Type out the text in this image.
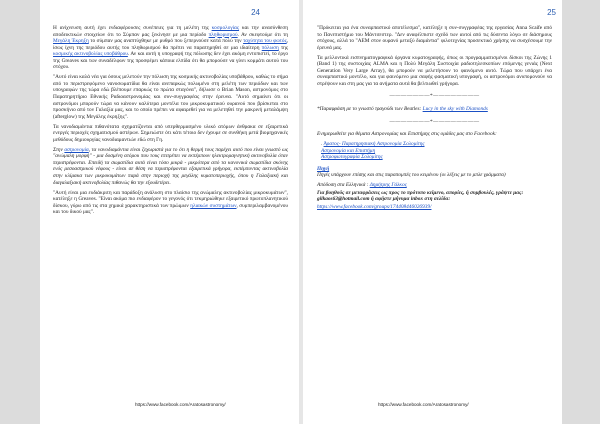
24

Η ανίχνευση αυτή έχει ενδιαφέρουσες συνέπειες για τη μελέτη της κοσμολογίας και την ανασύνθεση αποδεικτικών στοιχείων ότι το Σύμπαν μας ξεκίνησε με μια περίοδο πληθωρισμού. Αν σκεφτούμε ότι τη Μεγάλη Έκρηξη το σύμπαν μας αναπτύχθηκε με ρυθμό που ξεπερνούσε κατά πολύ την ταχύτητα του φωτός, ίσως ίχνη της περιόδου αυτής του πληθωρισμού θα πρέπει να παρατηρηθεί σε μια ιδιαίτερη πόλωση της κοσμικής ακτινοβολίας υποβάθρου. Αν και αυτή η υπογραφή της πόλωσης δεν έχει ακόμη εντοπιστεί, το έργο της Greaves και των συναδέλφων της προσφέρει κάποια ελπίδα ότι θα μπορούσε να γίνει κομμάτι αυτού του στόχου.

"Αυτό είναι καλά νέα για όσους μελετούν την πόλωση της κοσμικής ακτινοβολίας υποβάθρου, καθώς το σήμα από το περιστρεφόμενο νανοσωματίδια θα είναι ανεπαρκώς πολωμένο στη μελέτη των περιόδων και των υπογραφών της τώρα εδώ βλέπουμε επαρκώς το πρώτα σταγόνα", δήλωσε ο Brian Mason, αστρονόμος στο Παρατηρητήριο Εθνικής Ραδιοαστρονομίας και συν-συγγραφέας στην έρευνα. "Αυτό σημαίνει ότι οι αστρονόμοι μπορούν τώρα να κάνουν καλύτερα μοντέλα του μικροκυματικού ουρανού που βρίσκεται στο προσκήνιο από τον Γαλαξία μας, και το οποίο πρέπει να αφαιρεθεί για να μελετηθεί την μακρινή μεταλάμψη (afterglow) της Μεγάλης έκρηξης".

Τα νανοδιαμάντια πιθανότατα σχηματίζονται από υπερθερμασμένο υλικό ατόμων άνθρακα σε εξαιρετικά ενεργές περιοχές σχηματισμού αστέρων. Σημειώστε ότι κάτι τέτοιο δεν έχουμε σε συνθήκη μετά βιομηχανικές μεθόδους δημιουργίας νανοδιαμαντιών εδώ στη Γη.

Στην αστρονομία, τα νανοδιαμάντια είναι ζεχωριστά για το ότι η θερμή τους παρέχει αυτό που είναι γνωστό ως "ανώμαλη μορφή" - μια δοσμένη ατόμου που τους επιτρέπει να εκπέμπουν ηλεκτρομαγνητική ακτινοβολία όταν περιστρέφονται. Επειδή τα σωματίδια αυτά είναι τόσο μικρά - μικρότερα από τα κανονικά σωματίδια σκόνης ενός μεσοαστρικού νέφους - είναι σε θέση να περιστρέφονται εξαιρετικά γρήγορα, εκπέμποντας ακτινοβολία στην κλίμακα των μικροκυμάτων παρά στην περιοχή της μεγάλης κυματοπεριοχής, όπου η Γαλαξιακή και διαγαλαξιακή ακτινοβολίας πιθανώς θα την εξουδετέρει.

"Αυτή είναι μια ευδιάκριτη και παράδοξη ανάλυση στο πλαίσιο της ανώμαλης ακτινοβολίας μικροκυμάτων", κατέληξε η Greaves. "Είναι ακόμα πιο ενδιαφέρον το γεγονός ότι τεκμηριώθηκε εξαιρετικό πρωτοπλανητικού δίσκου, γύρω από τις στα χημικά χαρακτηριστικά των πρώιμων ηλιακών συστημάτων, συμπεριλαμβανομένου και του δικού μας".

https://www.facebook.com/Aratosastronomy/
25

"Πρόκειται για ένα συναρπαστικό αποτέλεσμα", κατέληξε η συν-συγγραφέας της εργασίας Anna Scaife από το Πανεπιστήμιο του Μάντσεστερ. "Δεν αναφέλπιστε σχεδό των αυτοί από τις δύσεντα λόγω σε διάσημους στόχους, αλλά το "AEM στον ουρανό μεταξύ διαμάντια" φιλοτεχνίας προσεκτικό χρήσης να συσχέσουμε την έρευνά μας.

Τα μελλοντικά εισπνηματογραφικά όργανα κυματογραφής, όπως οι προγραμματισμένοι δίσκοι της Ζώνης 1 (Band 1) της συστοιχίας ALMA και η Πολύ Μεγάλη Συστοιχία ραδιοτηλεσκοπίων επόμενης γενιάς (Next Generation Very Large Array), θα μπορούν να μελετήσουν το φαινόμενο αυτό. Τώρα που υπάρχει ένα συναρπαστικό μοντέλο, και για φαινόμενο μια σαφής φασματική υπογραφή, οι αστρονόμοι ανυπομονούν να στρέψουν και στη μας για τα ανήματα αυτά θα βελτιωθεί γρήγορα.

———————*————————

*Παραφράση με το γνωστό τραγούδι των Beatles: Lucy in the sky with Diamonds

———————*————————

Ενημερωθείτε για θέματα Αστρονομίας και Επιστήμης στις ομάδες μας στο Facebook:

. Άρατος- Παρατηρησιακή Αστρονομία Σολομίτης
Αστρονομία και Επιστήμη
Αστροφωτογραφία Σολομίτης

Πηγή

Πηγές υπάρχουν επίσης και στις παραπομπές του κειμένου (οι λέξεις με το μπλε γράμματα)

Απόδοση στα Ελληνικά : Δημήτρης Γάλκος

Για βοηθούς σε μεταφράσεις ως προς το πρότυπο κείμενο, απορίες, ή συμβουλές, γράψτε μας: gilkaos63@hotmail.com ή αφήστε μήνυμα inbox στη σελίδα:

https://www.facebook.com/groups/174408446026939/

https://www.facebook.com/Aratosastronomy/
